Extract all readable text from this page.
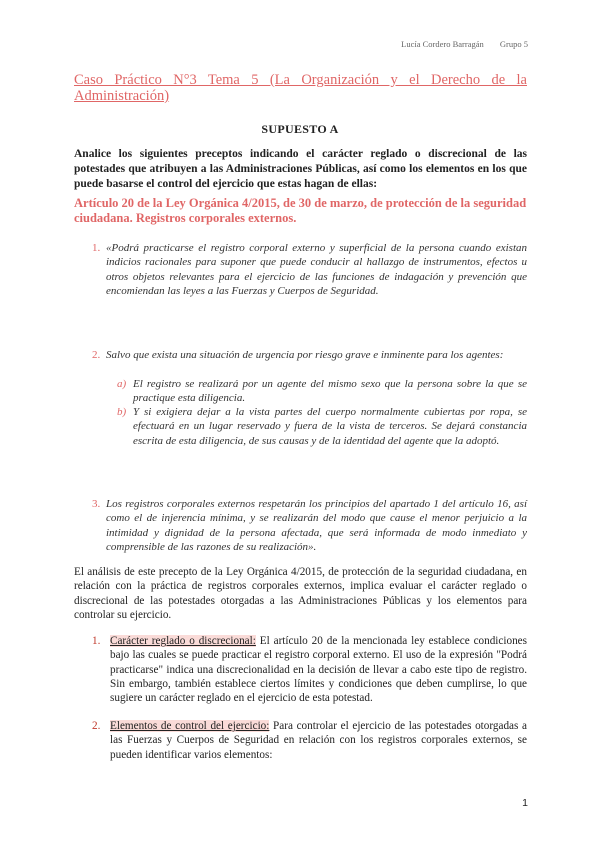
Lucía Cordero Barragán Grupo 5
Caso Práctico N°3 Tema 5 (La Organización y el Derecho de la Administración)
SUPUESTO A
Analice los siguientes preceptos indicando el carácter reglado o discrecional de las potestades que atribuyen a las Administraciones Públicas, así como los elementos en los que puede basarse el control del ejercicio que estas hagan de ellas:
Artículo 20 de la Ley Orgánica 4/2015, de 30 de marzo, de protección de la seguridad ciudadana. Registros corporales externos.
1. «Podrá practicarse el registro corporal externo y superficial de la persona cuando existan indicios racionales para suponer que puede conducir al hallazgo de instrumentos, efectos u otros objetos relevantes para el ejercicio de las funciones de indagación y prevención que encomiendan las leyes a las Fuerzas y Cuerpos de Seguridad.
2. Salvo que exista una situación de urgencia por riesgo grave e inminente para los agentes:
a) El registro se realizará por un agente del mismo sexo que la persona sobre la que se practique esta diligencia.
b) Y si exigiera dejar a la vista partes del cuerpo normalmente cubiertas por ropa, se efectuará en un lugar reservado y fuera de la vista de terceros. Se dejará constancia escrita de esta diligencia, de sus causas y de la identidad del agente que la adoptó.
3. Los registros corporales externos respetarán los principios del apartado 1 del artículo 16, así como el de injerencia mínima, y se realizarán del modo que cause el menor perjuicio a la intimidad y dignidad de la persona afectada, que será informada de modo inmediato y comprensible de las razones de su realización».
El análisis de este precepto de la Ley Orgánica 4/2015, de protección de la seguridad ciudadana, en relación con la práctica de registros corporales externos, implica evaluar el carácter reglado o discrecional de las potestades otorgadas a las Administraciones Públicas y los elementos para controlar su ejercicio.
1. Carácter reglado o discrecional: El artículo 20 de la mencionada ley establece condiciones bajo las cuales se puede practicar el registro corporal externo. El uso de la expresión "Podrá practicarse" indica una discrecionalidad en la decisión de llevar a cabo este tipo de registro. Sin embargo, también establece ciertos límites y condiciones que deben cumplirse, lo que sugiere un carácter reglado en el ejercicio de esta potestad.
2. Elementos de control del ejercicio: Para controlar el ejercicio de las potestades otorgadas a las Fuerzas y Cuerpos de Seguridad en relación con los registros corporales externos, se pueden identificar varios elementos:
1
